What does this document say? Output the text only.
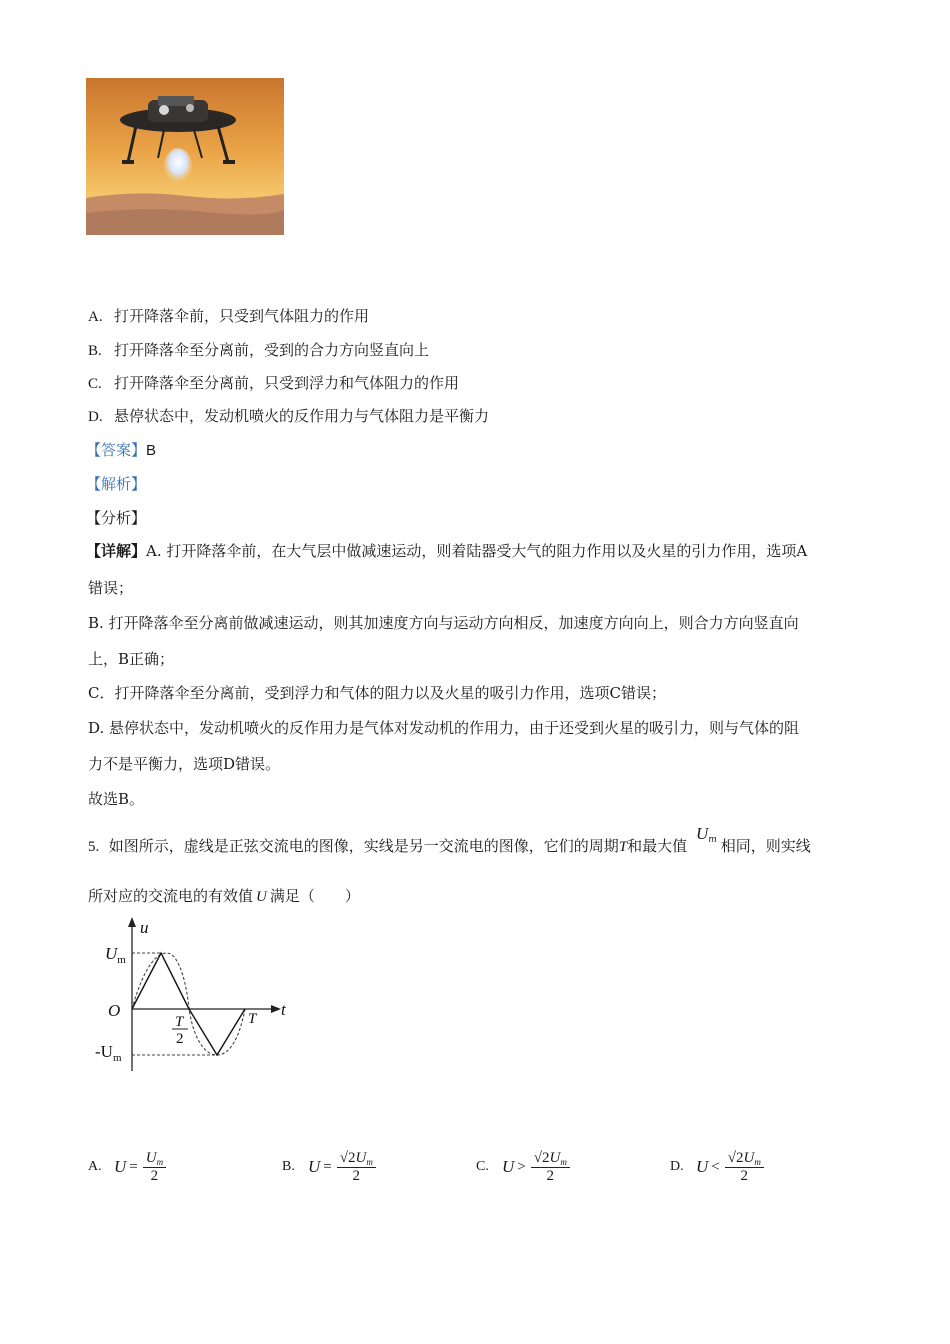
A. 打开降落伞前，只受到气体阻力的作用
B. 打开降落伞至分离前，受到的合力方向竖直向上
C. 打开降落伞至分离前，只受到浮力和气体阻力的作用
D. 悬停状态中，发动机喷火的反作用力与气体阻力是平衡力
【答案】B
【解析】
【分析】
【详解】A. 打开降落伞前，在大气层中做减速运动，则着陆器受大气的阻力作用以及火星的引力作用，选项A
错误；
B. 打开降落伞至分离前做减速运动，则其加速度方向与运动方向相反，加速度方向向上，则合力方向竖直向
上，B正确；
C．打开降落伞至分离前，受到浮力和气体的阻力以及火星的吸引力作用，选项C错误；
D. 悬停状态中，发动机喷火的反作用力是气体对发动机的作用力，由于还受到火星的吸引力，则与气体的阻
力不是平衡力，选项D错误。
故选B。
5. 如图所示，虚线是正弦交流电的图像，实线是另一交流电的图像，它们的周期T和最大值 $U_m$ 相同，则实线
所对应的交流电的有效值 U 满足（　　）
u
t
O
$U_m$
$-U_m$
T
2
T
A. $U = \frac{U_m}{2}$	B. $U = \frac{√2U_m}{2}$	C. $U > \frac{√2U_m}{2}$	D. $U < \frac{√2U_m}{2}$
